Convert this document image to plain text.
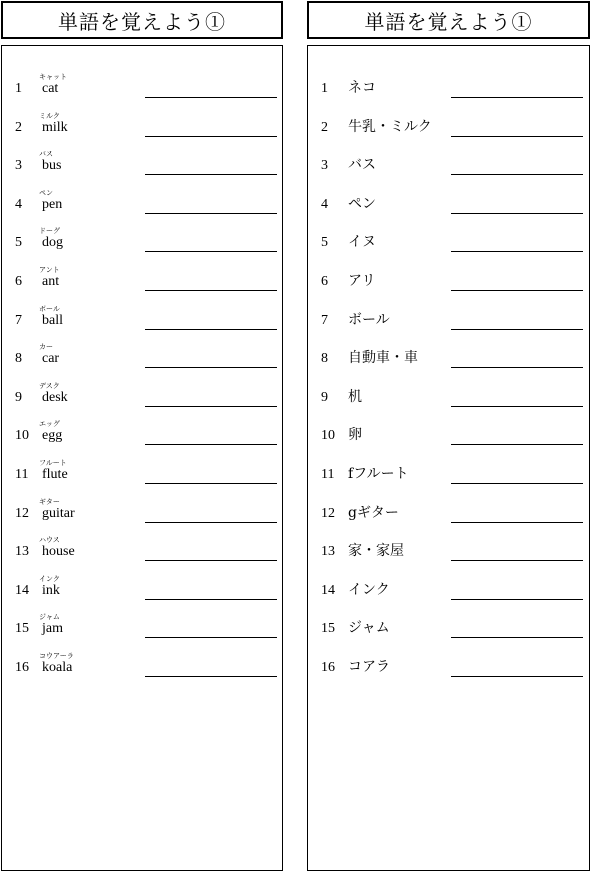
単語を覚えよう①	単語を覚えよう①
1
キャット
cat
2
ミルク
milk
3
バス
bus
4
ペン
pen
5
ドーグ
dog
6
アント
ant
7
ボール
ball
8
カー
car
9
デスク
desk
10
エッグ
egg
11
フルート
flute
12
ギター
guitar
13
ハウス
house
14
インク
ink
15
ジャム
jam
16
コウアーラ
koala
1 ネコ
2 牛乳・ミルク
3 バス
4 ペン
5 イヌ
6 アリ
7 ボール
8 自動車・車
9 机
10 卵
11 fフルート
12 gギター
13 家・家屋
14 インク
15 ジャム
16 コアラ
